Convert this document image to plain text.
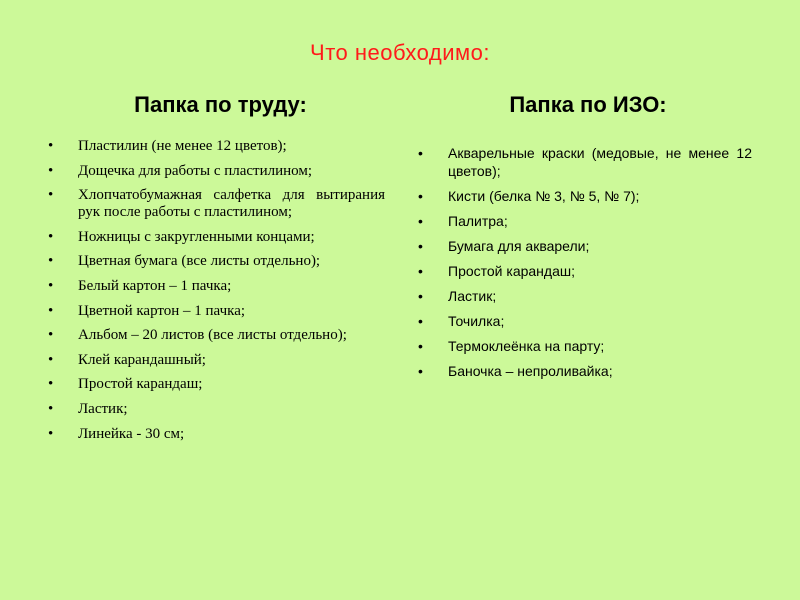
Что необходимо:
Папка по труду:	Папка по ИЗО:
• Пластилин (не менее 12 цветов);
• Дощечка для работы с пластилином;
• Хлопчатобумажная салфетка для вытирания рук после работы с пластилином;
• Ножницы с закругленными концами;
• Цветная бумага (все листы отдельно);
• Белый картон – 1 пачка;
• Цветной картон – 1 пачка;
• Альбом – 20 листов (все листы отдельно);
• Клей карандашный;
• Простой карандаш;
• Ластик;
• Линейка - 30 см;
• Акварельные краски (медовые, не менее 12 цветов);
• Кисти (белка № 3, № 5, № 7);
• Палитра;
• Бумага для акварели;
• Простой карандаш;
• Ластик;
• Точилка;
• Термоклеёнка на парту;
• Баночка – непроливайка;
